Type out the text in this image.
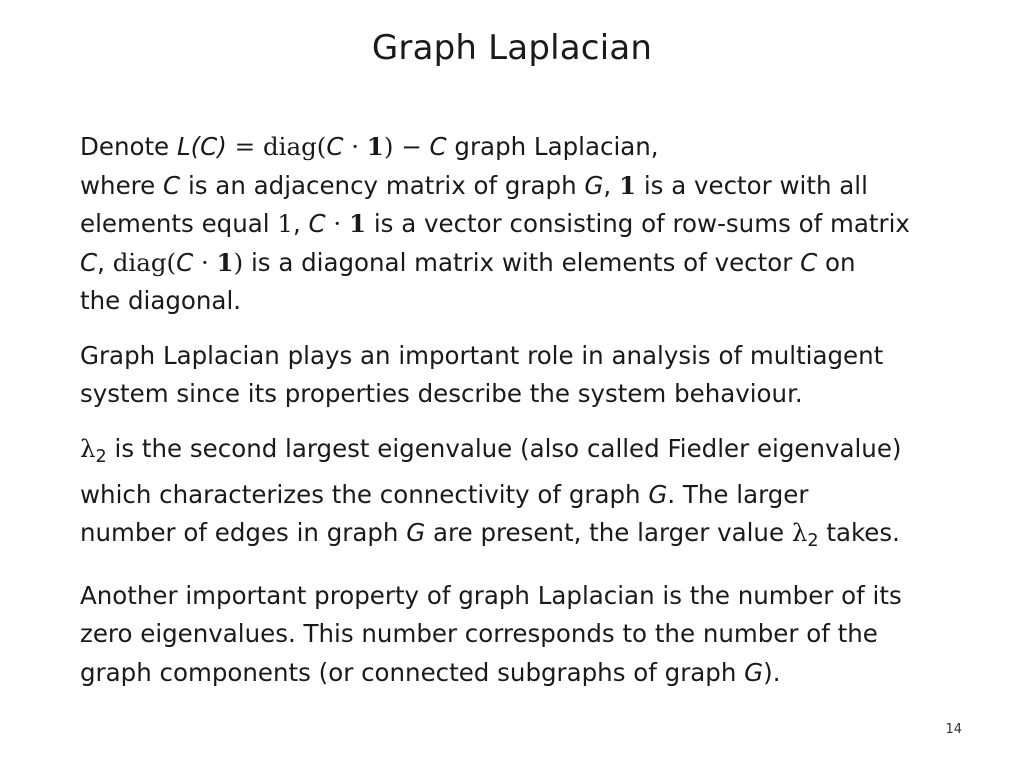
Graph Laplacian

Denote L(C) = diag(C · 1) − C graph Laplacian,
where C is an adjacency matrix of graph G, 1 is a vector with all
elements equal 1, C · 1 is a vector consisting of row-sums of matrix
C, diag(C · 1) is a diagonal matrix with elements of vector C on
the diagonal.

Graph Laplacian plays an important role in analysis of multiagent
system since its properties describe the system behaviour.

$\lambda_2$ is the second largest eigenvalue (also called Fiedler eigenvalue)
which characterizes the connectivity of graph G. The larger
number of edges in graph G are present, the larger value $\lambda_2$ takes.

Another important property of graph Laplacian is the number of its
zero eigenvalues. This number corresponds to the number of the
graph components (or connected subgraphs of graph G).

14
